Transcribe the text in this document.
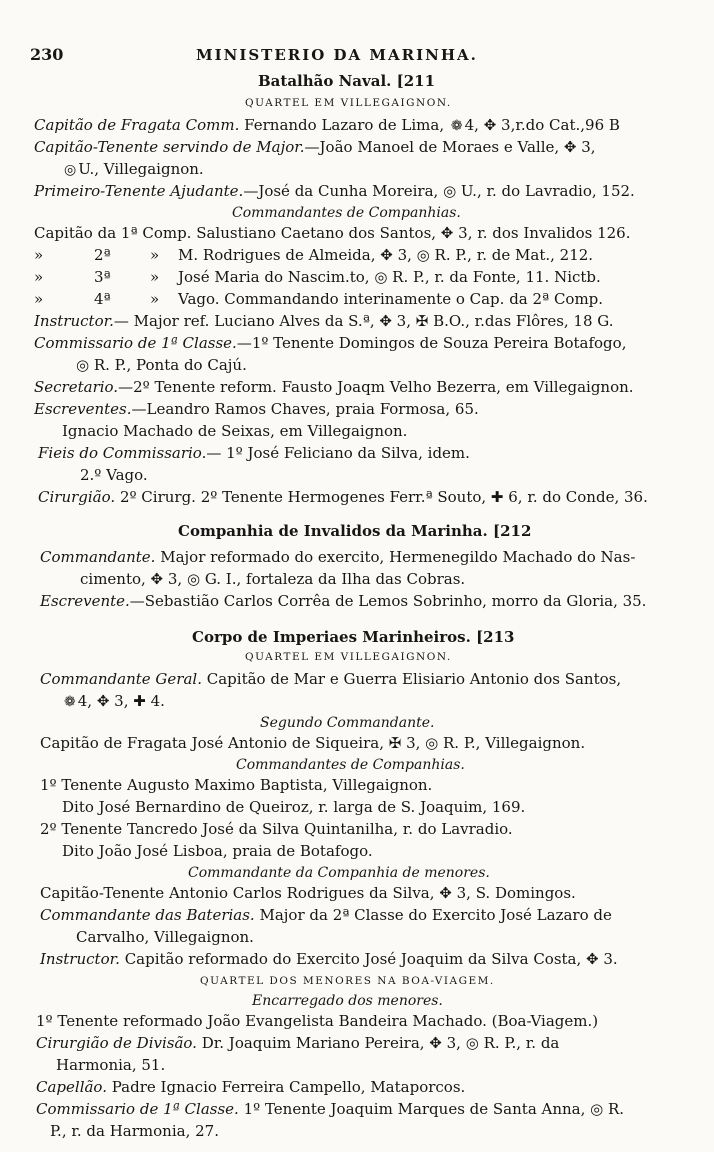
230	MINISTERIO DA MARINHA.
Batalhão Naval. [211
QUARTEL EM VILLEGAIGNON.
Capitão de Fragata Comm. Fernando Lazaro de Lima, ❁ 4, ✥ 3,r.do Cat.,96 B
Capitão-Tenente servindo de Major.—João Manoel de Moraes e Valle, ✥ 3,
◎ U., Villegaignon.
Primeiro-Tenente Ajudante.—José da Cunha Moreira, ◎ U., r. do Lavradio, 152.
Commandantes de Companhias.
Capitão da 1ª Comp. Salustiano Caetano dos Santos, ✥ 3, r. dos Invalidos 126.
»	2ª	» M. Rodrigues de Almeida, ✥ 3, ◎ R. P., r. de Mat., 212.
»	3ª	» José Maria do Nascim.to, ◎ R. P., r. da Fonte, 11. Nictb.
»	4ª	» Vago. Commandando interinamente o Cap. da 2ª Comp.
Instructor.— Major ref. Luciano Alves da S.ª, ✥ 3, ✠ B.O., r.das Flôres, 18 G.
Commissario de 1ª Classe.—1º Tenente Domingos de Souza Pereira Botafogo,
◎ R. P., Ponta do Cajú.
Secretario.—2º Tenente reform. Fausto Joaqm Velho Bezerra, em Villegaignon.
Escreventes.—Leandro Ramos Chaves, praia Formosa, 65.
Ignacio Machado de Seixas, em Villegaignon.
Fieis do Commissario.— 1º José Feliciano da Silva, idem.
2.º Vago.
Cirurgião. 2º Cirurg. 2º Tenente Hermogenes Ferr.ª Souto, ✚ 6, r. do Conde, 36.
Companhia de Invalidos da Marinha. [212
Commandante. Major reformado do exercito, Hermenegildo Machado do Nas-
cimento, ✥ 3, ◎ G. I., fortaleza da Ilha das Cobras.
Escrevente.—Sebastião Carlos Corrêa de Lemos Sobrinho, morro da Gloria, 35.
Corpo de Imperiaes Marinheiros. [213
QUARTEL EM VILLEGAIGNON.
Commandante Geral. Capitão de Mar e Guerra Elisiario Antonio dos Santos,
❁ 4, ✥ 3, ✚ 4.
Segundo Commandante.
Capitão de Fragata José Antonio de Siqueira, ✠ 3, ◎ R. P., Villegaignon.
Commandantes de Companhias.
1º Tenente Augusto Maximo Baptista, Villegaignon.
Dito José Bernardino de Queiroz, r. larga de S. Joaquim, 169.
2º Tenente Tancredo José da Silva Quintanilha, r. do Lavradio.
Dito João José Lisboa, praia de Botafogo.
Commandante da Companhia de menores.
Capitão-Tenente Antonio Carlos Rodrigues da Silva, ✥ 3, S. Domingos.
Commandante das Baterias. Major da 2ª Classe do Exercito José Lazaro de
Carvalho, Villegaignon.
Instructor. Capitão reformado do Exercito José Joaquim da Silva Costa, ✥ 3.
QUARTEL DOS MENORES NA BOA-VIAGEM.
Encarregado dos menores.
1º Tenente reformado João Evangelista Bandeira Machado. (Boa-Viagem.)
Cirurgião de Divisão. Dr. Joaquim Mariano Pereira, ✥ 3, ◎ R. P., r. da
Harmonia, 51.
Capellão. Padre Ignacio Ferreira Campello, Mataporcos.
Commissario de 1ª Classe. 1º Tenente Joaquim Marques de Santa Anna, ◎ R.
P., r. da Harmonia, 27.
